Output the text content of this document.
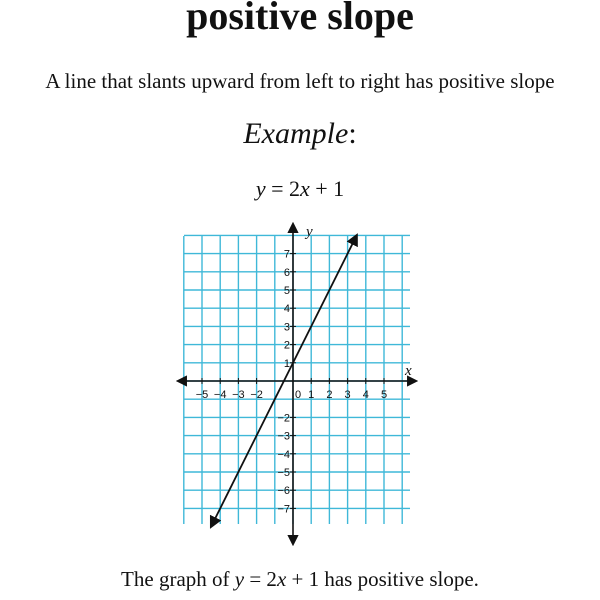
positive slope
A line that slants upward from left to right has positive slope
Example:
y = 2x + 1
x
y
−5 −4 −3 −2	1 2 3 4 5
7
6
5
4
3
2
1
−2
−3
−4
−5
−6
−7
0
The graph of y = 2x + 1 has positive slope.
